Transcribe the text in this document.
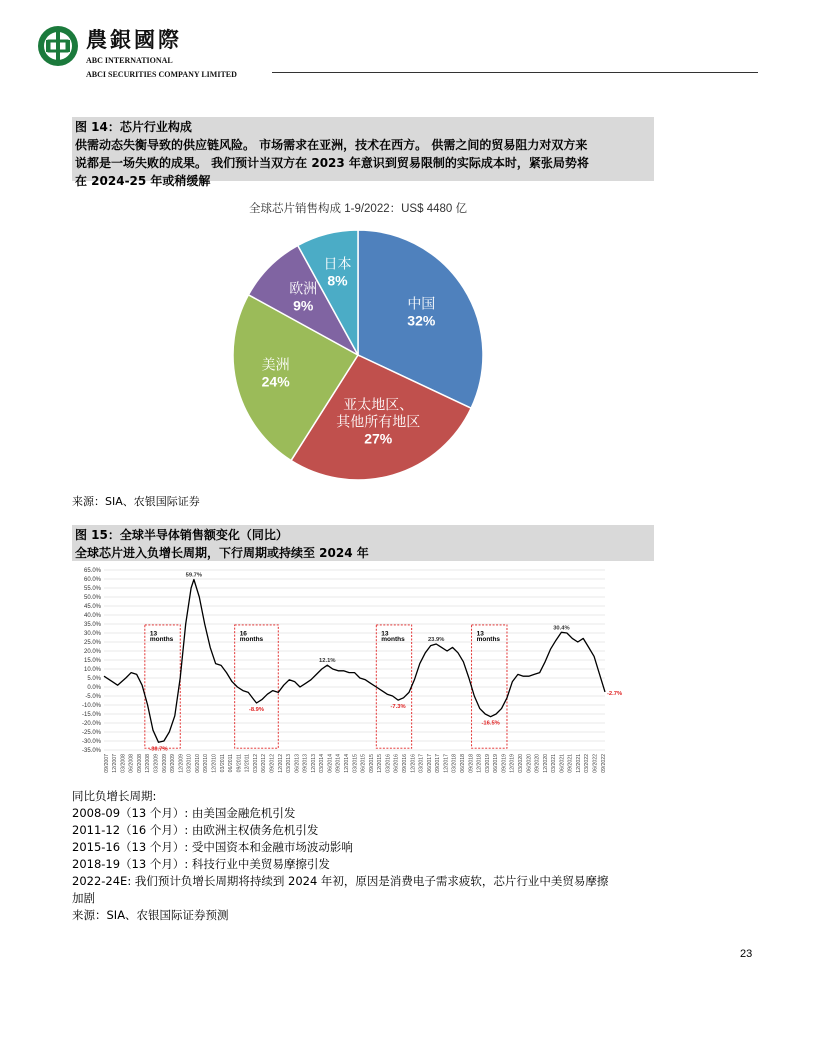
農銀國際
ABC INTERNATIONAL
ABCI SECURITIES COMPANY LIMITED
图 14：芯片行业构成
供需动态失衡导致的供应链风险。 市场需求在亚洲，技术在西方。 供需之间的贸易阻力对双方来
说都是一场失败的成果。 我们预计当双方在 2023 年意识到贸易限制的实际成本时，紧张局势将
在 2024-25 年或稍缓解
全球芯片销售构成 1-9/2022：US$ 4480 亿
中国
32%
亚太地区、
其他所有地区
27%
美洲
24%
欧洲
9%
日本
8%
来源：SIA、农银国际证券
图 15：全球半导体销售额变化（同比）
全球芯片进入负增长周期，下行周期或持续至 2024 年
65.0%
60.0%
55.0%
50.0%
45.0%
40.0%
35.0%
30.0%
25.0%
20.0%
15.0%
10.0%
5.0%
0.0%
-5.0%
-10.0%
-15.0%
-20.0%
-25.0%
-30.0%
-35.0%
09/2007 12/2007 03/2008 06/2008 09/2008 12/2008 03/2009 06/2009 09/2009 12/2009 03/2010 06/2010 09/2010 12/2010 03/2011 06/2011 09/2011 12/2011 03/2012 06/2012 09/2012 12/2012 03/2013 06/2013 09/2013 12/2013 03/2014 06/2014 09/2014 12/2014 03/2015 06/2015 09/2015 12/2015 03/2016 06/2016 09/2016 12/2016 03/2017 06/2017 09/2017 12/2017 03/2018 06/2018 09/2018 12/2018 03/2019 06/2019 09/2019 12/2019 03/2020 06/2020 09/2020 12/2020 03/2021 06/2021 09/2021 12/2021 03/2022 06/2022 09/2022
13
months
16
months
13
months
13
months
59.7%
-30.7%
-8.9%
12.1%
-7.3%
23.9%
-16.5%
30.4%
-2.7%
同比负增长周期:
2008-09（13 个月）: 由美国金融危机引发
2011-12（16 个月）: 由欧洲主权债务危机引发
2015-16（13 个月）: 受中国资本和金融市场波动影响
2018-19（13 个月）: 科技行业中美贸易摩擦引发
2022-24E: 我们预计负增长周期将持续到 2024 年初，原因是消费电子需求疲软，芯片行业中美贸易摩擦
加剧
来源：SIA、农银国际证券预测
23
